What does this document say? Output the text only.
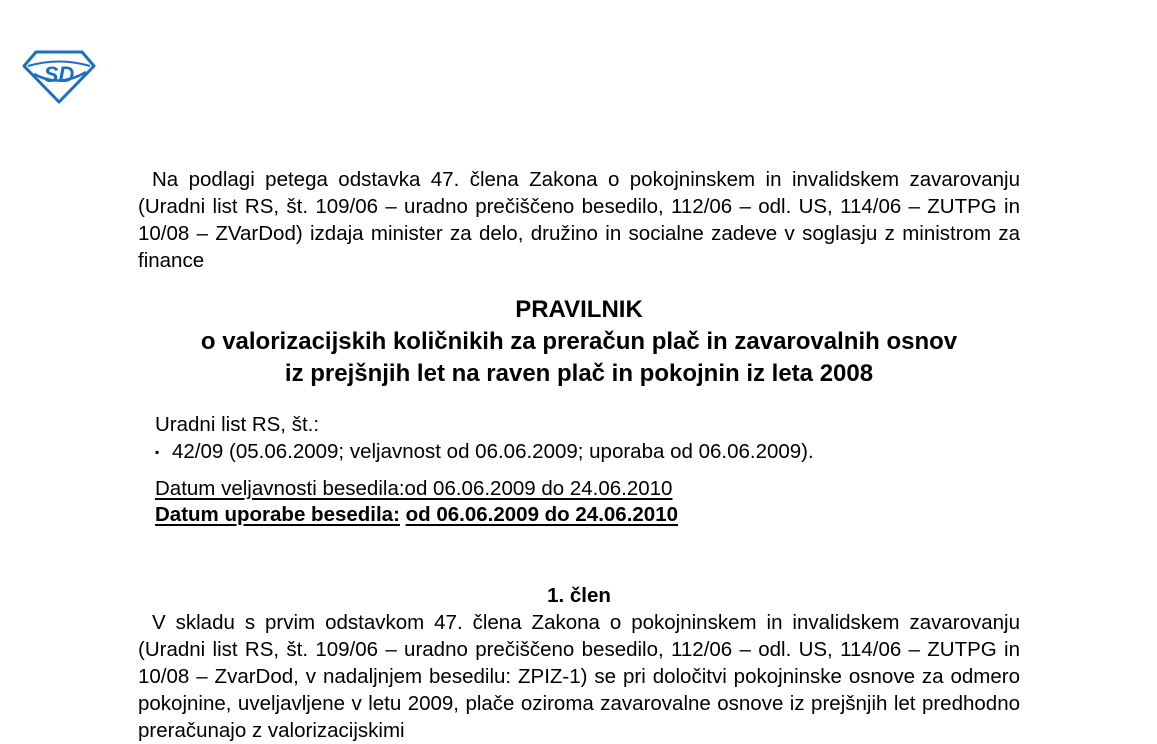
SD

Na podlagi petega odstavka 47. člena Zakona o pokojninskem in invalidskem zavarovanju (Uradni list RS, št. 109/06 – uradno prečiščeno besedilo, 112/06 – odl. US, 114/06 – ZUTPG in 10/08 – ZVarDod) izdaja minister za delo, družino in socialne zadeve v soglasju z ministrom za finance

PRAVILNIK
o valorizacijskih količnikih za preračun plač in zavarovalnih osnov
iz prejšnjih let na raven plač in pokojnin iz leta 2008
Uradni list RS, št.:
▪ 42/09 (05.06.2009; veljavnost od 06.06.2009; uporaba od 06.06.2009).
Datum veljavnosti besedila:od 06.06.2009 do 24.06.2010
Datum uporabe besedila: od 06.06.2009 do 24.06.2010
1. člen

V skladu s prvim odstavkom 47. člena Zakona o pokojninskem in invalidskem zavarovanju (Uradni list RS, št. 109/06 – uradno prečiščeno besedilo, 112/06 – odl. US, 114/06 – ZUTPG in 10/08 – ZvarDod, v nadaljnjem besedilu: ZPIZ-1) se pri določitvi pokojninske osnove za odmero pokojnine, uveljavljene v letu 2009, plače oziroma zavarovalne osnove iz prejšnjih let predhodno preračunajo z valorizacijskimi
